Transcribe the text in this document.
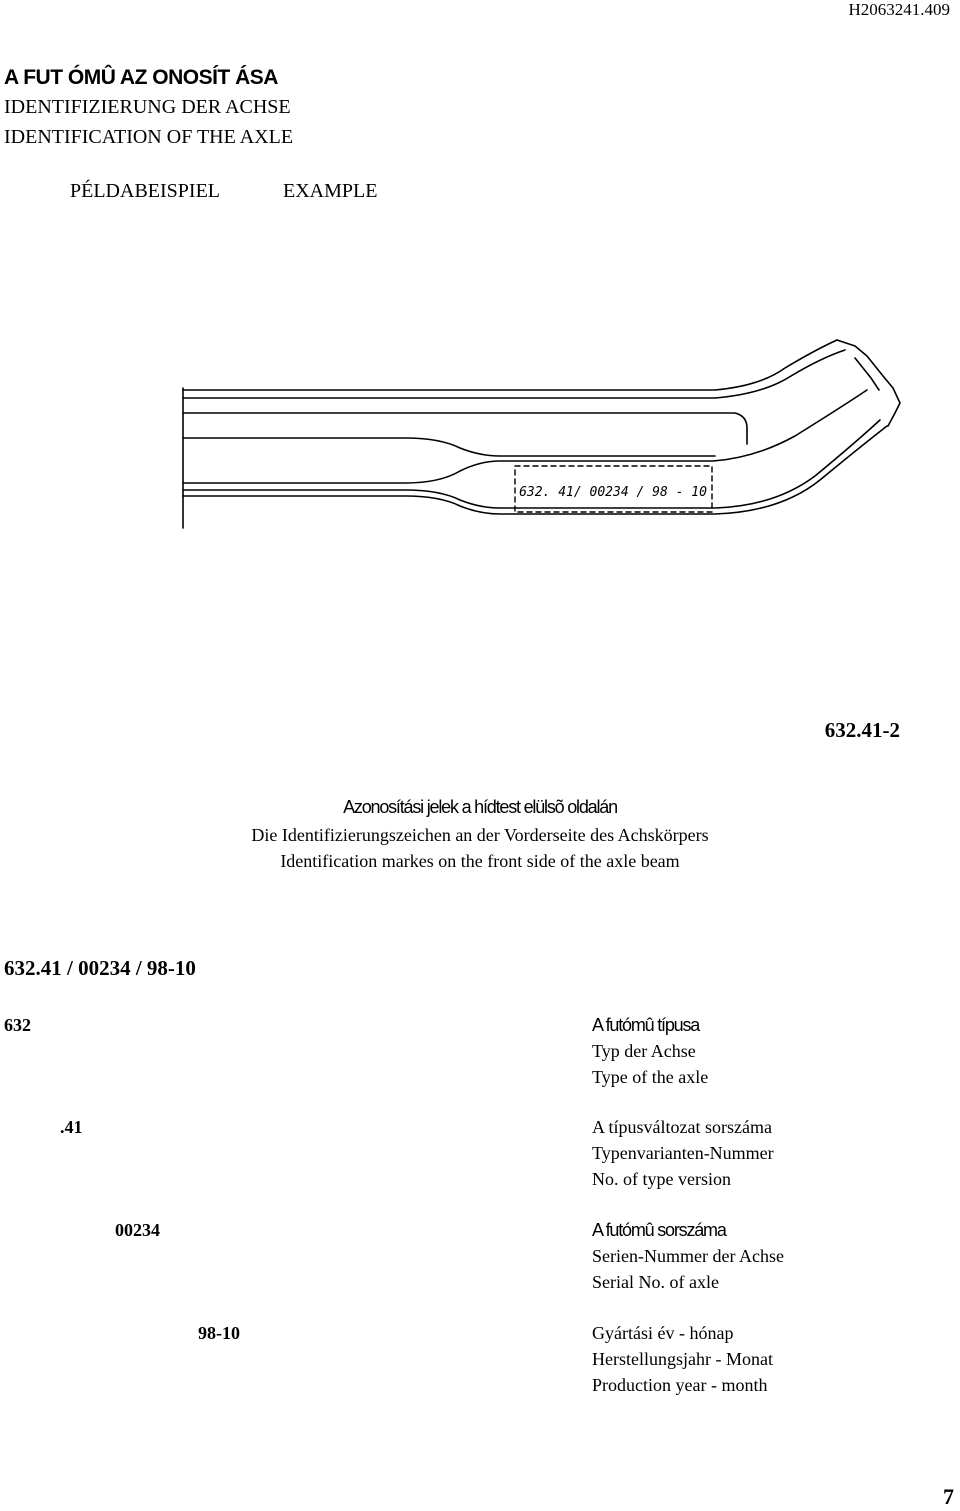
H2063241.409
A FUT ÓMÛ AZ ONOSÍT ÁSA
IDENTIFIZIERUNG DER ACHSE
IDENTIFICATION OF THE AXLE
PÉLDABEISPIEL	EXAMPLE
632. 41/ 00234 / 98 - 10
632.41-2
Azonosítási jelek a hídtest elülsõ oldalán
Die Identifizierungszeichen an der Vorderseite des Achskörpers
Identification markes on the front side of the axle beam
632.41 / 00234 / 98-10
632	A futómû típusa
Typ der Achse
Type of the axle
.41	A típusváltozat sorszáma
Typenvarianten-Nummer
No. of type version
00234	A futómû sorszáma
Serien-Nummer der Achse
Serial No. of axle
98-10	Gyártási év - hónap
Herstellungsjahr - Monat
Production year - month
7
